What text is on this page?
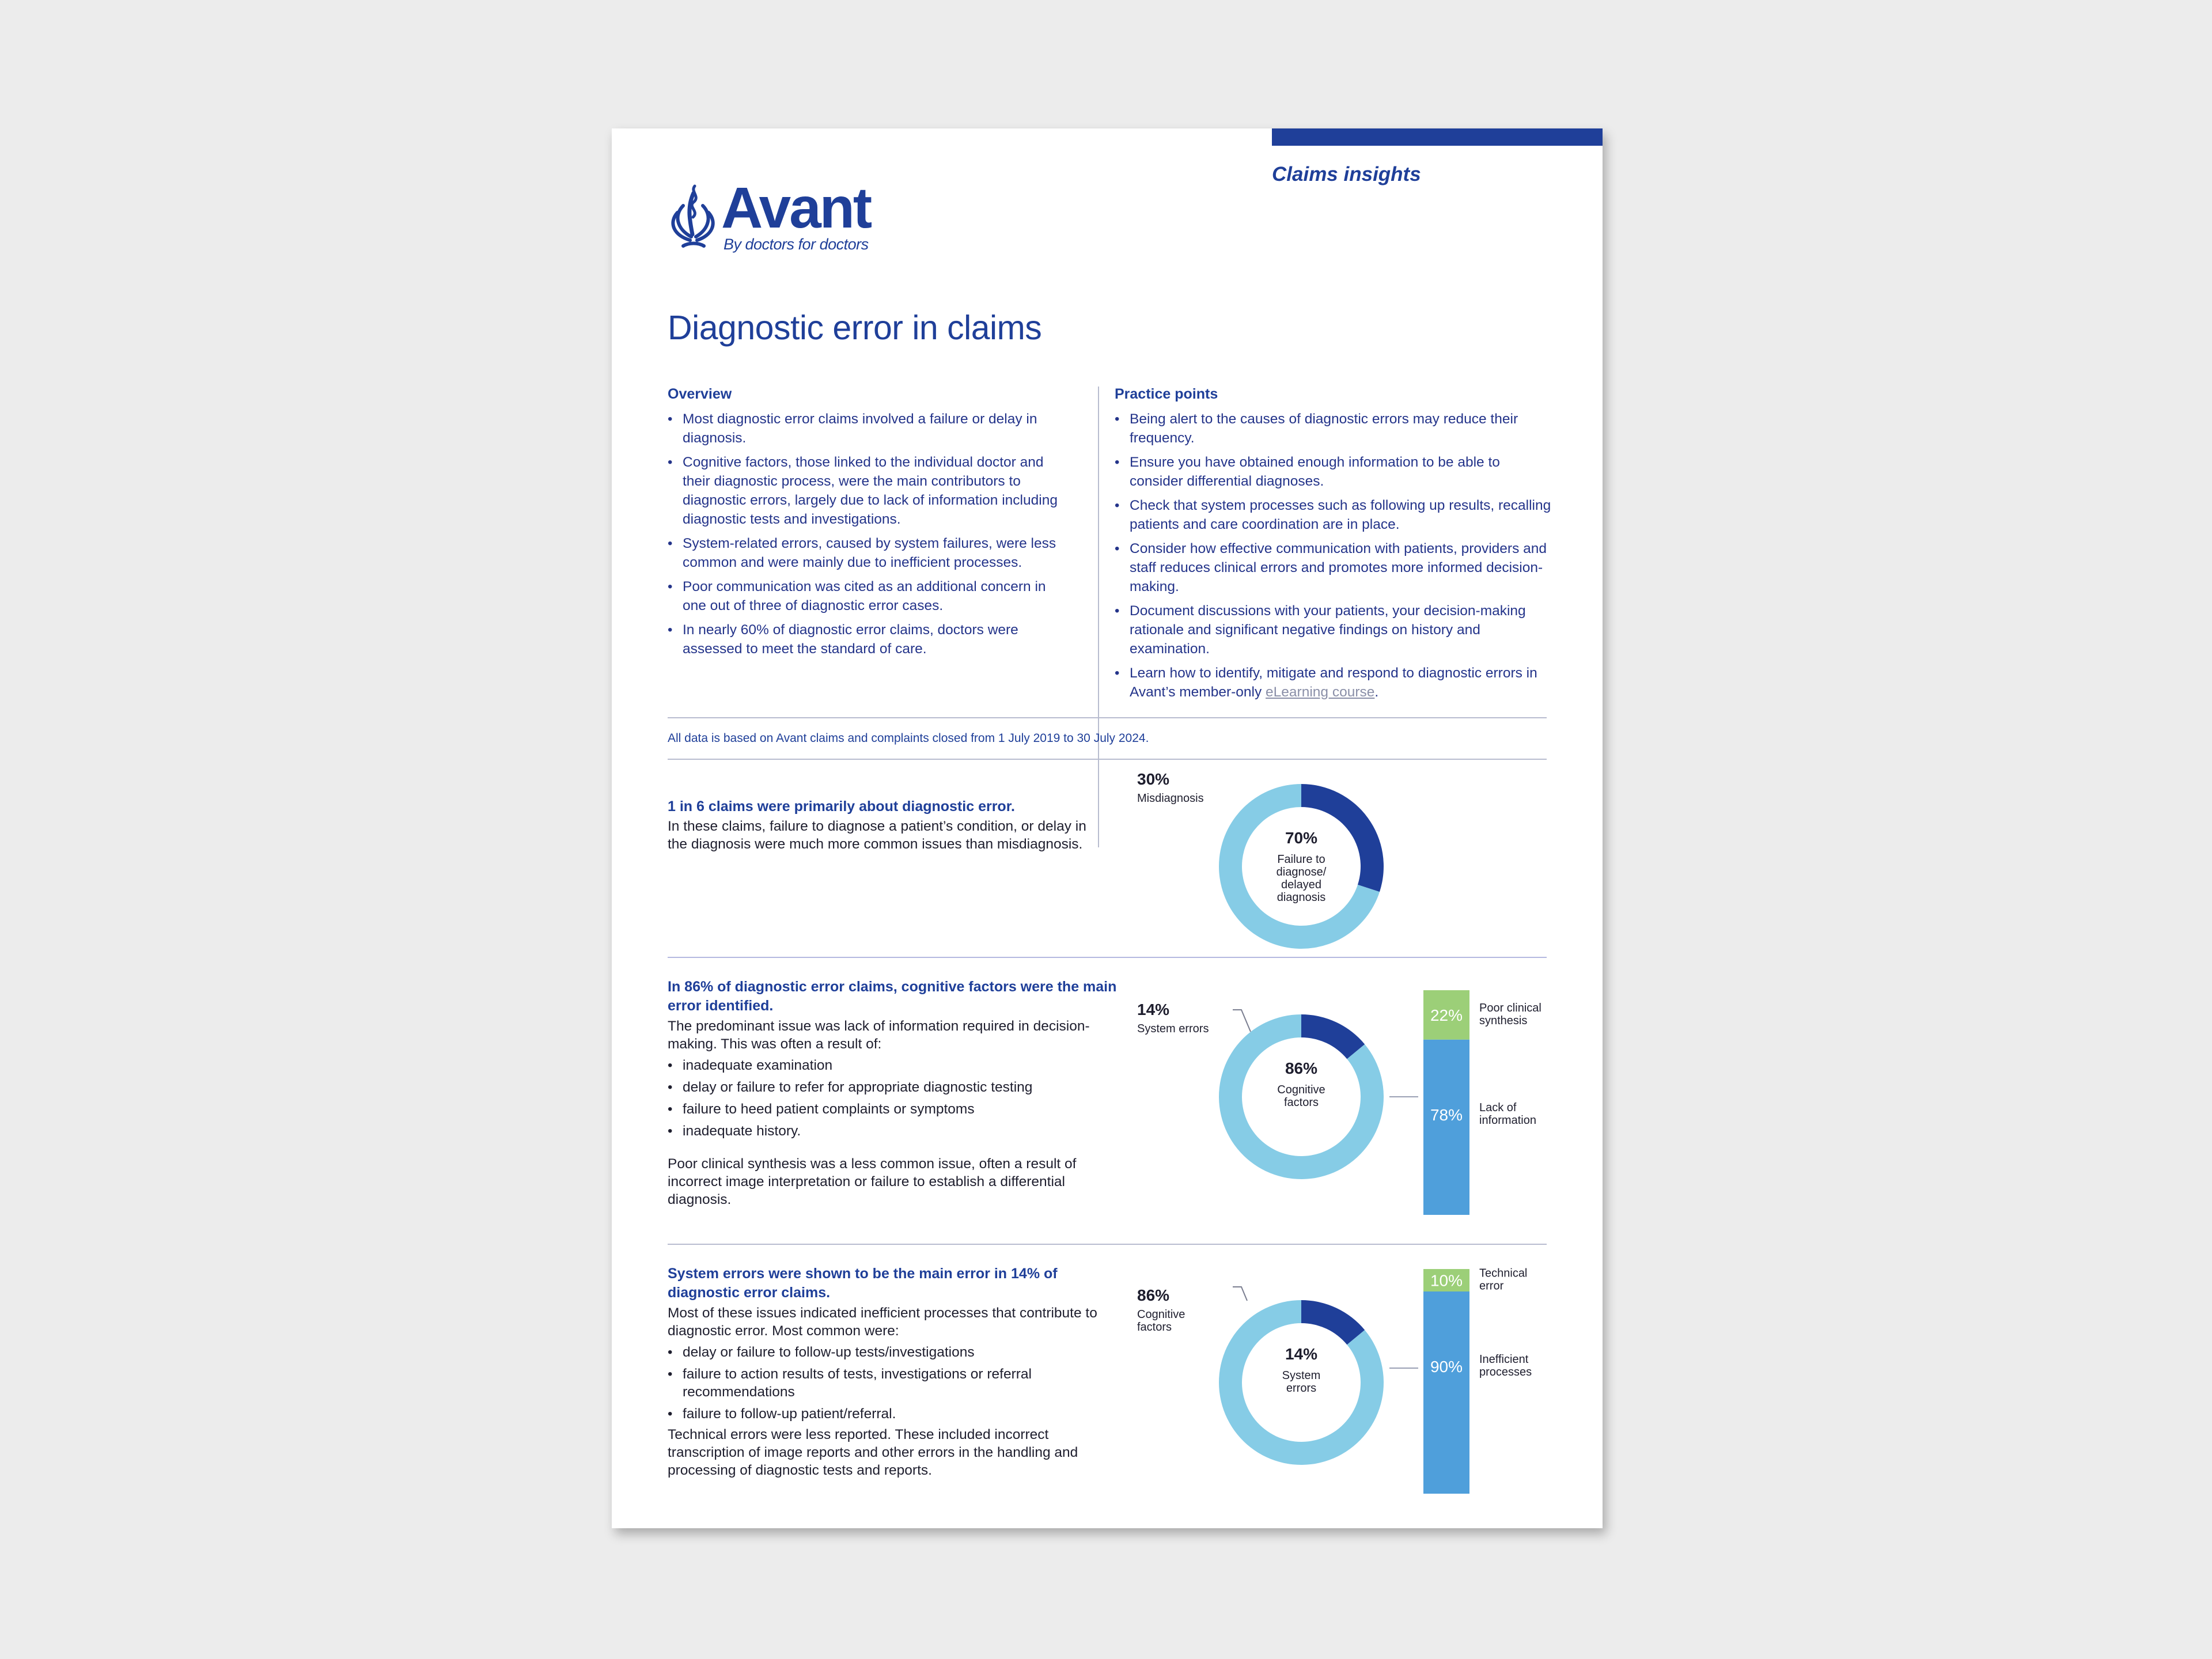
Claims insights
Avant
By doctors for doctors
Diagnostic error in claims
Overview
• Most diagnostic error claims involved a failure or delay in diagnosis.
• Cognitive factors, those linked to the individual doctor and their diagnostic process, were the main contributors to diagnostic errors, largely due to lack of information including diagnostic tests and investigations.
• System-related errors, caused by system failures, were less common and were mainly due to inefficient processes.
• Poor communication was cited as an additional concern in one out of three of diagnostic error cases.
• In nearly 60% of diagnostic error claims, doctors were assessed to meet the standard of care.
Practice points
• Being alert to the causes of diagnostic errors may reduce their frequency.
• Ensure you have obtained enough information to be able to consider differential diagnoses.
• Check that system processes such as following up results, recalling patients and care coordination are in place.
• Consider how effective communication with patients, providers and staff reduces clinical errors and promotes more informed decision-making.
• Document discussions with your patients, your decision-making rationale and significant negative findings on history and examination.
• Learn how to identify, mitigate and respond to diagnostic errors in Avant’s member-only eLearning course.
All data is based on Avant claims and complaints closed from 1 July 2019 to 30 July 2024.
1 in 6 claims were primarily about diagnostic error.
In these claims, failure to diagnose a patient’s condition, or delay in the diagnosis were much more common issues than misdiagnosis.
In 86% of diagnostic error claims, cognitive factors were the main error identified.
The predominant issue was lack of information required in decision-making. This was often a result of:
• inadequate examination
• delay or failure to refer for appropriate diagnostic testing
• failure to heed patient complaints or symptoms
• inadequate history.
Poor clinical synthesis was a less common issue, often a result of incorrect image interpretation or failure to establish a differential diagnosis.
System errors were shown to be the main error in 14% of diagnostic error claims.
Most of these issues indicated inefficient processes that contribute to diagnostic error. Most common were:
• delay or failure to follow-up tests/investigations
• failure to action results of tests, investigations or referral recommendations
• failure to follow-up patient/referral.
Technical errors were less reported. These included incorrect transcription of image reports and other errors in the handling and processing of diagnostic tests and reports.
70%
Failure to
diagnose/
delayed
diagnosis
30%
Misdiagnosis
86%
Cognitive
factors
14%
System errors
22% Poor clinical
synthesis
78% Lack of
information
14%
System
errors
86%
Cognitive
factors
10% Technical
error
90% Inefficient
processes
